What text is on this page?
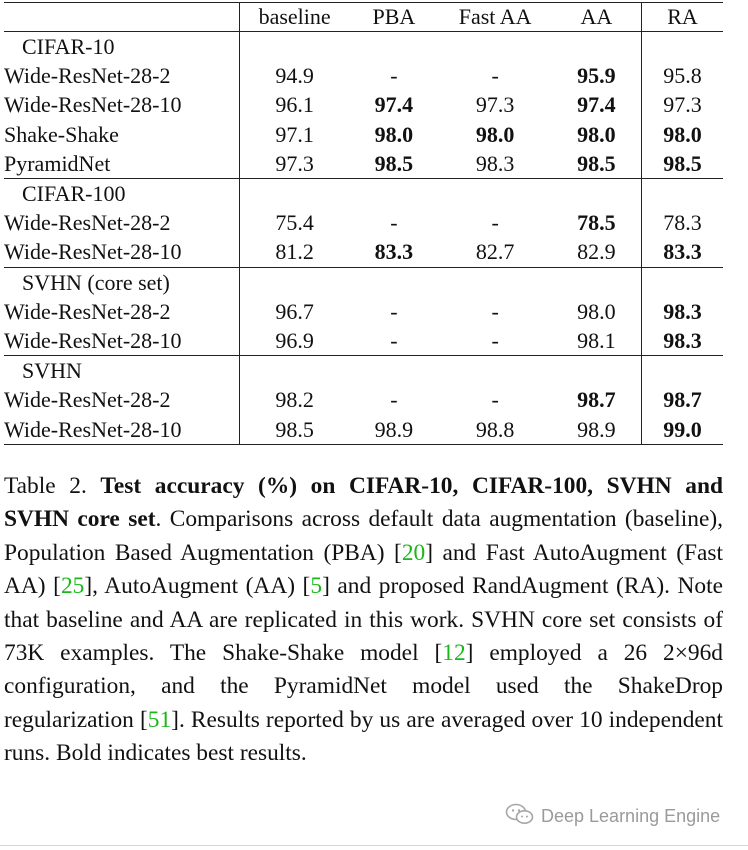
	baseline	PBA	Fast AA	AA	RA
CIFAR-10					
Wide-ResNet-28-2	94.9	-	-	95.9	95.8
Wide-ResNet-28-10	96.1	97.4	97.3	97.4	97.3
Shake-Shake	97.1	98.0	98.0	98.0	98.0
PyramidNet	97.3	98.5	98.3	98.5	98.5
CIFAR-100					
Wide-ResNet-28-2	75.4	-	-	78.5	78.3
Wide-ResNet-28-10	81.2	83.3	82.7	82.9	83.3
SVHN (core set)					
Wide-ResNet-28-2	96.7	-	-	98.0	98.3
Wide-ResNet-28-10	96.9	-	-	98.1	98.3
SVHN					
Wide-ResNet-28-2	98.2	-	-	98.7	98.7
Wide-ResNet-28-10	98.5	98.9	98.8	98.9	99.0

Table 2. Test accuracy (%) on CIFAR-10, CIFAR-100, SVHN and SVHN core set. Comparisons across default data augmentation (baseline), Population Based Augmentation (PBA) [20] and Fast AutoAugment (Fast AA) [25], AutoAugment (AA) [5] and proposed RandAugment (RA). Note that baseline and AA are replicated in this work. SVHN core set consists of 73K examples. The Shake-Shake model [12] employed a 26 2×96d configuration, and the PyramidNet model used the ShakeDrop regularization [51]. Results reported by us are averaged over 10 independent runs. Bold indicates best results.

Deep Learning Engine
